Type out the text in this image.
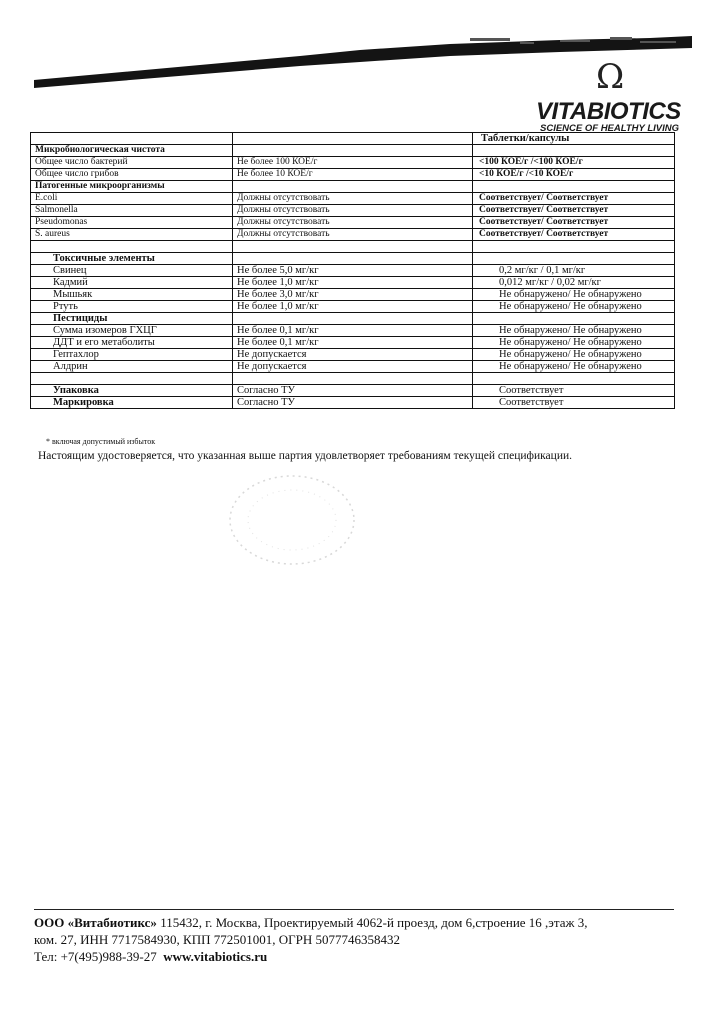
Ω
VITABIOTICS
SCIENCE OF HEALTHY LIVING
		Таблетки/капсулы
Микробиологическая чистота		
Общее число бактерий	Не более 100 КОЕ/г	<100 КОЕ/г /<100 КОЕ/г
Общее число грибов	Не более 10 КОЕ/г	<10 КОЕ/г /<10 КОЕ/г
Патогенные микроорганизмы		
E.coli	Должны отсутствовать	Соответствует/ Соответствует
Salmonella	Должны отсутствовать	Соответствует/ Соответствует
Pseudomonas	Должны отсутствовать	Соответствует/ Соответствует
S. aureus	Должны отсутствовать	Соответствует/ Соответствует

Токсичные элементы		
Свинец	Не более 5,0 мг/кг	0,2 мг/кг / 0,1 мг/кг
Кадмий	Не более 1,0 мг/кг	0,012 мг/кг / 0,02 мг/кг
Мышьяк	Не более 3,0 мг/кг	Не обнаружено/ Не обнаружено
Ртуть	Не более 1,0 мг/кг	Не обнаружено/ Не обнаружено
Пестициды		
Сумма изомеров ГХЦГ	Не более 0,1 мг/кг	Не обнаружено/ Не обнаружено
ДДТ и его метаболиты	Не более 0,1 мг/кг	Не обнаружено/ Не обнаружено
Гептахлор	Не допускается	Не обнаружено/ Не обнаружено
Алдрин	Не допускается	Не обнаружено/ Не обнаружено

Упаковка	Согласно ТУ	Соответствует
Маркировка	Согласно ТУ	Соответствует
* включая допустимый избыток
Настоящим удостоверяется, что указанная выше партия удовлетворяет требованиям текущей спецификации.
ООО «Витабиотикс» 115432, г. Москва, Проектируемый 4062-й проезд, дом 6,строение 16 ,этаж 3,
ком. 27, ИНН 7717584930, КПП 772501001, ОГРН 5077746358432
Тел: +7(495)988-39-27 www.vitabiotics.ru
